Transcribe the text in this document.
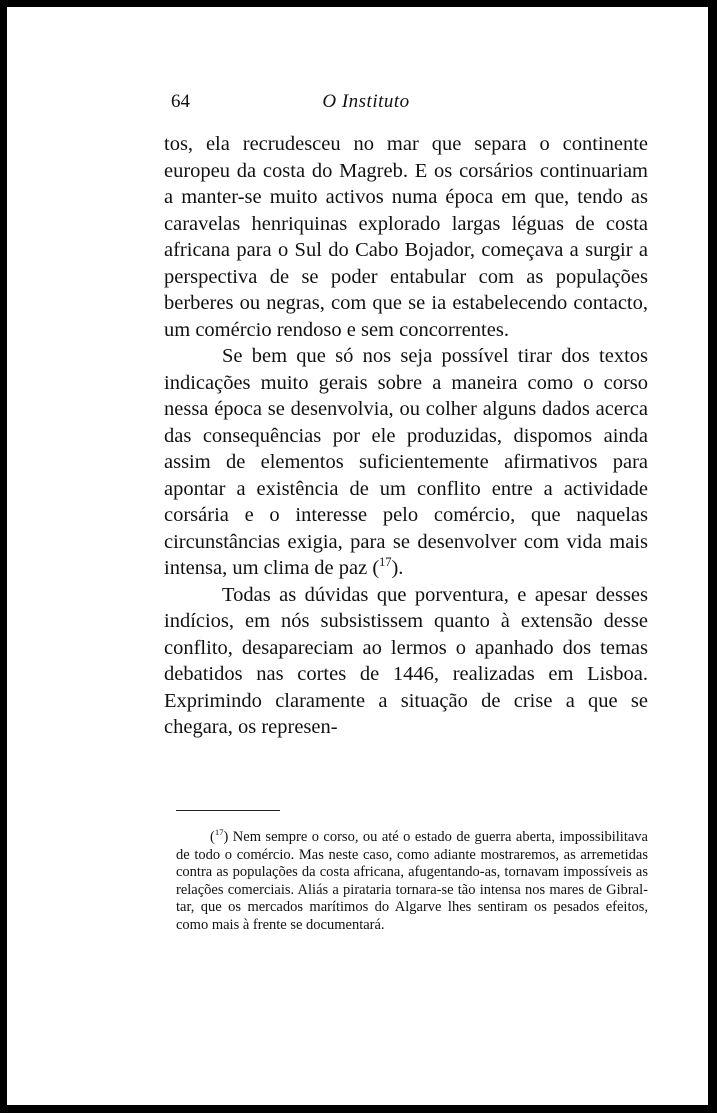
64	O Instituto

tos, ela recrudesceu no mar que separa o continente europeu da costa do Magreb. E os corsários continuariam a manter-se muito activos numa época em que, tendo as caravelas henriquinas explorado largas léguas de costa africana para o Sul do Cabo Bojador, começava a surgir a perspectiva de se poder entabular com as populações berberes ou negras, com que se ia estabelecendo contacto, um comércio rendoso e sem concorrentes.

Se bem que só nos seja possível tirar dos textos indicações muito gerais sobre a maneira como o corso nessa época se desenvolvia, ou colher alguns dados acerca das consequências por ele produzidas, dispomos ainda assim de elementos suficientemente afirmativos para apontar a existência de um conflito entre a actividade corsária e o interesse pelo comércio, que naquelas circunstâncias exigia, para se desenvolver com vida mais intensa, um clima de paz ($^{17}$).

Todas as dúvidas que porventura, e apesar desses indícios, em nós subsistissem quanto à extensão desse conflito, desapareciam ao lermos o apanhado dos temas debatidos nas cortes de 1446, realizadas em Lisboa. Exprimindo claramente a situação de crise a que se chegara, os represen-

($^{17}$) Nem sempre o corso, ou até o estado de guerra aberta, impossibilitava de todo o comércio. Mas neste caso, como adiante mostraremos, as arremetidas contra as populações da costa africana, afugentando-as, tornavam impossíveis as relações comerciais. Aliás a pirataria tornara-se tão intensa nos mares de Gibraltar, que os mercados marítimos do Algarve lhes sentiram os pesados efeitos, como mais à frente se documentará.
